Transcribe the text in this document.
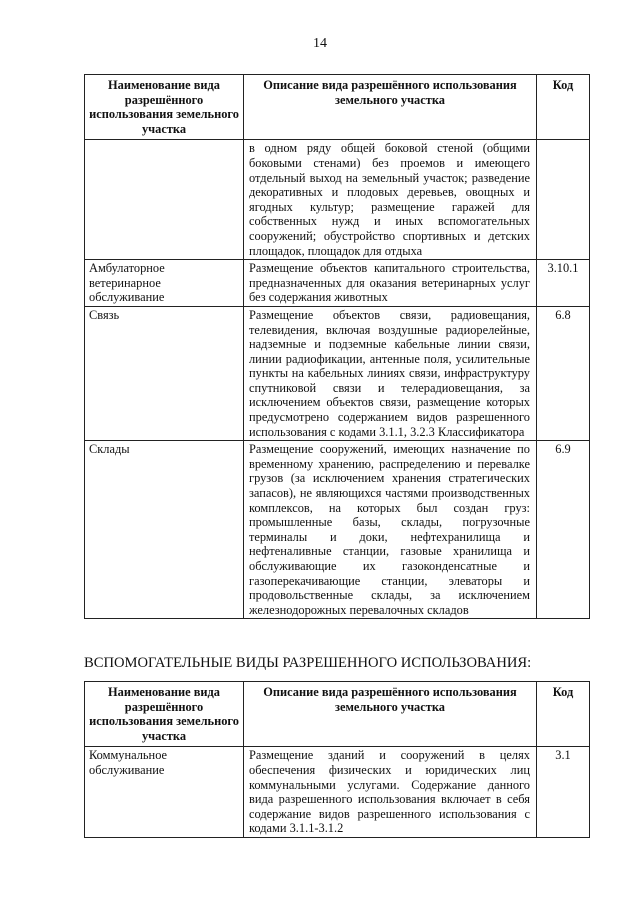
14
Наименование вида разрешённого использования земельного участка	Описание вида разрешённого использования земельного участка	Код
	в одном ряду общей боковой стеной (общими боковыми стенами) без проемов и имеющего отдельный выход на земельный участок; разведение декоративных и плодовых деревьев, овощных и ягодных культур; размещение гаражей для собственных нужд и иных вспомогательных сооружений; обустройство спортивных и детских площадок, площадок для отдыха	
Амбулаторное ветеринарное обслуживание	Размещение объектов капитального строительства, предназначенных для оказания ветеринарных услуг без содержания животных	3.10.1
Связь	Размещение объектов связи, радиовещания, телевидения, включая воздушные радиорелейные, надземные и подземные кабельные линии связи, линии радиофикации, антенные поля, усилительные пункты на кабельных линиях связи, инфраструктуру спутниковой связи и телерадиовещания, за исключением объектов связи, размещение которых предусмотрено содержанием видов разрешенного использования с кодами 3.1.1, 3.2.3 Классификатора	6.8
Склады	Размещение сооружений, имеющих назначение по временному хранению, распределению и перевалке грузов (за исключением хранения стратегических запасов), не являющихся частями производственных комплексов, на которых был создан груз: промышленные базы, склады, погрузочные терминалы и доки, нефтехранилища и нефтеналивные станции, газовые хранилища и обслуживающие их газоконденсатные и газоперекачивающие станции, элеваторы и продовольственные склады, за исключением железнодорожных перевалочных складов	6.9
ВСПОМОГАТЕЛЬНЫЕ ВИДЫ РАЗРЕШЕННОГО ИСПОЛЬЗОВАНИЯ:
Наименование вида разрешённого использования земельного участка	Описание вида разрешённого использования земельного участка	Код
Коммунальное обслуживание	Размещение зданий и сооружений в целях обеспечения физических и юридических лиц коммунальными услугами. Содержание данного вида разрешенного использования включает в себя содержание видов разрешенного использования с кодами 3.1.1-3.1.2	3.1
